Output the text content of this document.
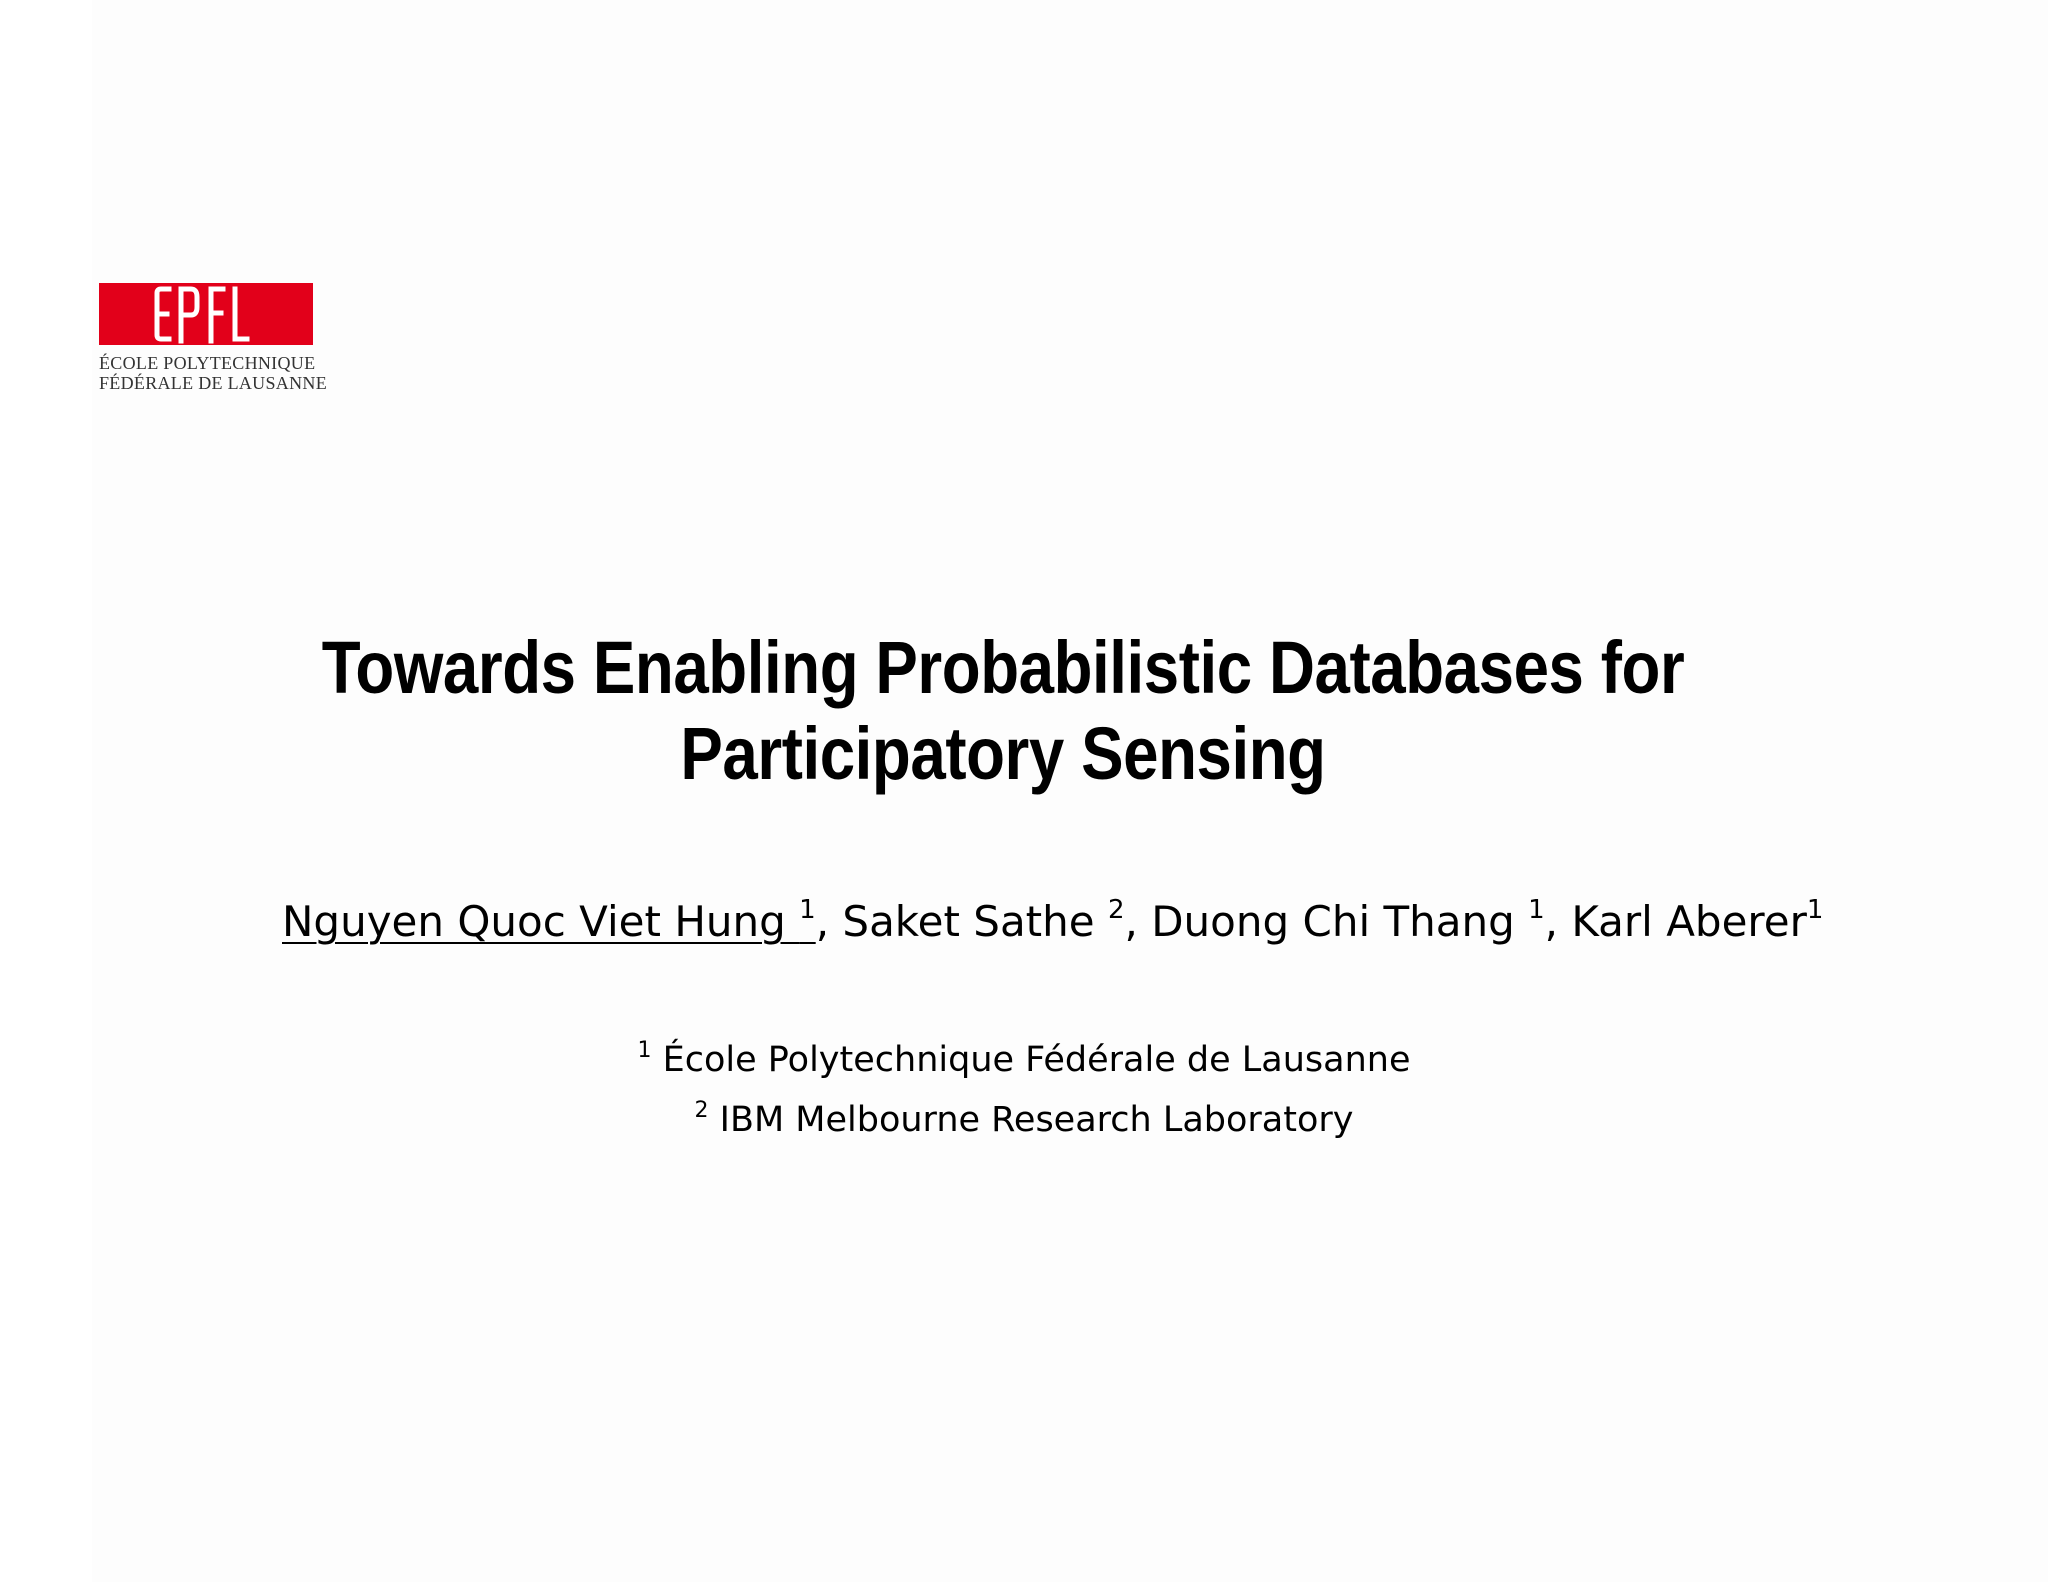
ÉCOLE POLYTECHNIQUE
FÉDÉRALE DE LAUSANNE
Towards Enabling Probabilistic Databases for
Participatory Sensing
Nguyen Quoc Viet Hung $^1$, Saket Sathe $^2$, Duong Chi Thang $^1$, Karl Aberer$^1$
$^1$ École Polytechnique Fédérale de Lausanne
$^2$ IBM Melbourne Research Laboratory
